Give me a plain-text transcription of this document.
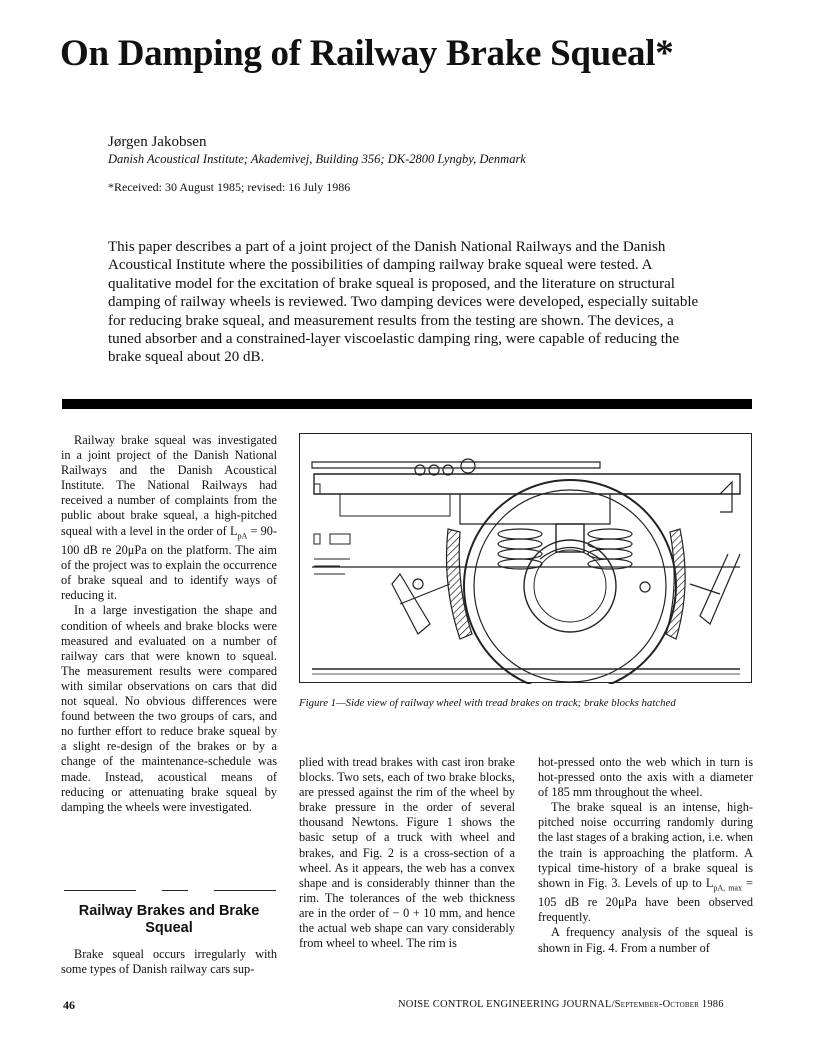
On Damping of Railway Brake Squeal*
Jørgen Jakobsen
Danish Acoustical Institute; Akademivej, Building 356; DK-2800 Lyngby, Denmark
*Received: 30 August 1985; revised: 16 July 1986

This paper describes a part of a joint project of the Danish National Railways and the Danish Acoustical Institute where the possibilities of damping railway brake squeal were tested. A qualitative model for the excitation of brake squeal is proposed, and the literature on structural damping of railway wheels is reviewed. Two damping devices were developed, especially suitable for reducing brake squeal, and measurement results from the testing are shown. The devices, a tuned absorber and a constrained-layer viscoelastic damping ring, were capable of reducing the brake squeal about 20 dB.

Railway brake squeal was investigated in a joint project of the Danish National Railways and the Danish Acoustical Institute. The National Railways had received a number of complaints from the public about brake squeal, a high-pitched squeal with a level in the order of $L_{pA} = 90-100$ dB re 20μPa on the platform. The aim of the project was to explain the occurrence of brake squeal and to identify ways of reducing it.

In a large investigation the shape and condition of wheels and brake blocks were measured and evaluated on a number of railway cars that were known to squeal. The measurement results were compared with similar observations on cars that did not squeal. No obvious differences were found between the two groups of cars, and no further effort to reduce brake squeal by a slight re-design of the brakes or by a change of the maintenance-schedule was made. Instead, acoustical means of reducing or attenuating brake squeal by damping the wheels were investigated.

Railway Brakes and Brake Squeal

Brake squeal occurs irregularly with some types of Danish railway cars sup-

Figure 1—Side view of railway wheel with tread brakes on track; brake blocks hatched

plied with tread brakes with cast iron brake blocks. Two sets, each of two brake blocks, are pressed against the rim of the wheel by brake pressure in the order of several thousand Newtons. Figure 1 shows the basic setup of a truck with wheel and brakes, and Fig. 2 is a cross-section of a wheel. As it appears, the web has a convex shape and is considerably thinner than the rim. The tolerances of the web thickness are in the order of − 0 + 10 mm, and hence the actual web shape can vary considerably from wheel to wheel. The rim is

hot-pressed onto the web which in turn is hot-pressed onto the axis with a diameter of 185 mm throughout the wheel.

The brake squeal is an intense, high-pitched noise occurring randomly during the last stages of a braking action, i.e. when the train is approaching the platform. A typical time-history of a brake squeal is shown in Fig. 3. Levels of up to $L_{pA, max} = 105$ dB re 20μPa have been observed frequently.

A frequency analysis of the squeal is shown in Fig. 4. From a number of

46	NOISE CONTROL ENGINEERING JOURNAL/September-October 1986
